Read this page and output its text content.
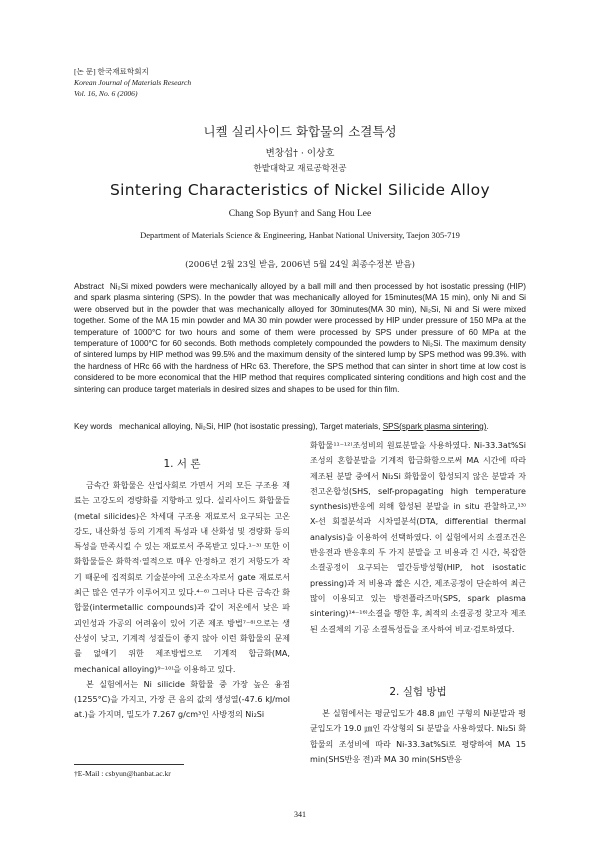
[논 문] 한국재료학회지
Korean Journal of Materials Research
Vol. 16, No. 6 (2006)
니켈 실리사이드 화합물의 소결특성
변창섭† · 이상호
한밭대학교 재료공학전공
Sintering Characteristics of Nickel Silicide Alloy
Chang Sop Byun† and Sang Hou Lee
Department of Materials Science & Engineering, Hanbat National University, Taejon 305-719
(2006년 2월 23일 받음, 2006년 5월 24일 최종수정본 받음)
Abstract Ni₂Si mixed powders were mechanically alloyed by a ball mill and then processed by hot isostatic pressing (HIP) and spark plasma sintering (SPS). In the powder that was mechanically alloyed for 15minutes(MA 15 min), only Ni and Si were observed but in the powder that was mechanically alloyed for 30minutes(MA 30 min), Ni₂Si, Ni and Si were mixed together. Some of the MA 15 min powder and MA 30 min powder were processed by HIP under pressure of 150 MPa at the temperature of 1000°C for two hours and some of them were processed by SPS under pressure of 60 MPa at the temperature of 1000°C for 60 seconds. Both methods completely compounded the powders to Ni₂Si. The maximum density of sintered lumps by HIP method was 99.5% and the maximum density of the sintered lump by SPS method was 99.3%. with the hardness of HRc 66 with the hardness of HRc 63. Therefore, the SPS method that can sinter in short time at low cost is considered to be more economical that the HIP method that requires complicated sintering conditions and high cost and the sintering can produce target materials in desired sizes and shapes to be used for thin film.
Key words mechanical alloying, Ni₂Si, HIP (hot isostatic pressing), Target materials, SPS(spark plasma sintering).
1. 서 론

금속간 화합물은 산업사회로 가면서 거의 모든 구조용 재료는 고강도의 경량화를 지향하고 있다. 실리사이드 화합물들(metal silicides)은 차세대 구조용 재료로서 요구되는 고온 강도, 내산화성 등의 기계적 특성과 내 산화성 및 경량화 등의 특성을 만족시킬 수 있는 재료로서 주목받고 있다.¹⁻³⁾ 또한 이 화합물들은 화학적·열적으로 매우 안정하고 전기 저항도가 작기 때문에 집적회로 기술분야에 고온소자로서 gate 재료로서 최근 많은 연구가 이루어지고 있다.⁴⁻⁶⁾ 그러나 다른 금속간 화합물(intermetallic compounds)과 같이 저온에서 낮은 파괴인성과 가공의 어려움이 있어 기존 제조 방법⁷⁻⁸⁾으로는 생산성이 낮고, 기계적 성질들이 좋지 않아 이런 화합물의 문제를 없애기 위한 제조방법으로 기계적 합금화(MA, mechanical alloying)⁹⁻¹⁰⁾을 이용하고 있다.

본 실험에서는 Ni silicide 화합물 중 가장 높은 융점(1255°C)을 가지고, 가장 큰 음의 값의 생성열(-47.6 kJ/mol at.)을 가지며, 밀도가 7.267 g/cm³인 사방정의 Ni₂Si

화합물¹¹⁻¹²⁾조성비의 원료분말을 사용하였다. Ni-33.3at%Si 조성의 혼합분말을 기계적 합금화함으로써 MA 시간에 따라 제조된 분말 중에서 Ni₂Si 화합물이 합성되지 않은 분말과 자전고온합성(SHS, self-propagating high temperature synthesis)반응에 의해 합성된 분말을 in situ 관찰하고,¹³⁾ X-선 회절분석과 시차열분석(DTA, differential thermal analysis)을 이용하여 선택하였다. 이 실험에서의 소결조건은 반응전과 반응후의 두 가지 분말을 고 비용과 긴 시간, 복잡한 소결공정이 요구되는 열간등방성형(HIP, hot isostatic pressing)과 저 비용과 짧은 시간, 제조공정이 단순하여 최근 많이 이용되고 있는 방전플라즈마(SPS, spark plasma sintering)¹⁴⁻¹⁶⁾소결을 행한 후, 최적의 소결공정 찾고자 제조된 소결체의 기공 소결특성들을 조사하여 비교·검토하였다.

2. 실험 방법

본 실험에서는 평균입도가 48.8 ㎛인 구형의 Ni분말과 평균입도가 19.0 ㎛인 각상형의 Si 분말을 사용하였다. Ni₂Si 화합물의 조성비에 따라 Ni-33.3at%Si로 평량하여 MA 15 min(SHS반응 전)과 MA 30 min(SHS반응

†E-Mail : csbyun@hanbat.ac.kr
341
